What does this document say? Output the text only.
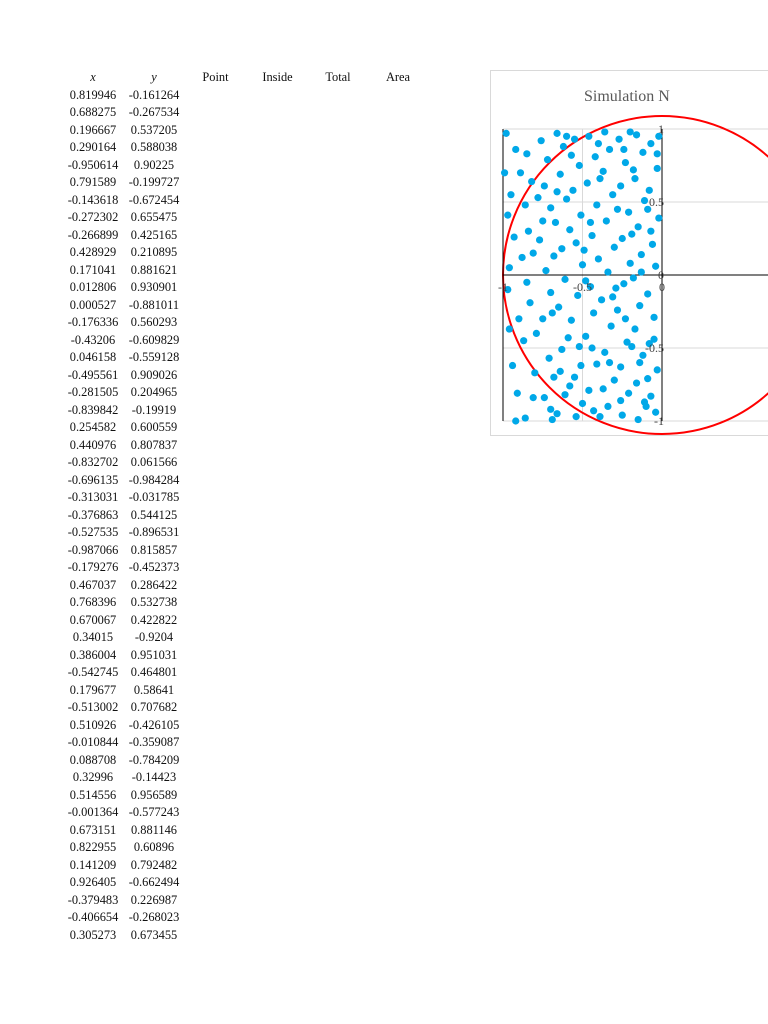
x	y	Point	Inside	Total	Area
0.819946	-0.161264				
0.688275	-0.267534				
0.196667	0.537205				
0.290164	0.588038				
-0.950614	0.90225				
0.791589	-0.199727				
-0.143618	-0.672454				
-0.272302	0.655475				
-0.266899	0.425165				
0.428929	0.210895				
0.171041	0.881621				
0.012806	0.930901				
0.000527	-0.881011				
-0.176336	0.560293				
-0.43206	-0.609829				
0.046158	-0.559128				
-0.495561	0.909026				
-0.281505	0.204965				
-0.839842	-0.19919				
0.254582	0.600559				
0.440976	0.807837				
-0.832702	0.061566				
-0.696135	-0.984284				
-0.313031	-0.031785				
-0.376863	0.544125				
-0.527535	-0.896531				
-0.987066	0.815857				
-0.179276	-0.452373				
0.467037	0.286422				
0.768396	0.532738				
0.670067	0.422822				
0.34015	-0.9204				
0.386004	0.951031				
-0.542745	0.464801				
0.179677	0.58641				
-0.513002	0.707682				
0.510926	-0.426105				
-0.010844	-0.359087				
0.088708	-0.784209				
0.32996	-0.14423				
0.514556	0.956589				
-0.001364	-0.577243				
0.673151	0.881146				
0.822955	0.60896				
0.141209	0.792482				
0.926405	-0.662494				
-0.379483	0.226987				
-0.406654	-0.268023				
0.305273	0.673455				
Simulation N
-1	-0.5	0
1
0.5
0
-0.5
-1
